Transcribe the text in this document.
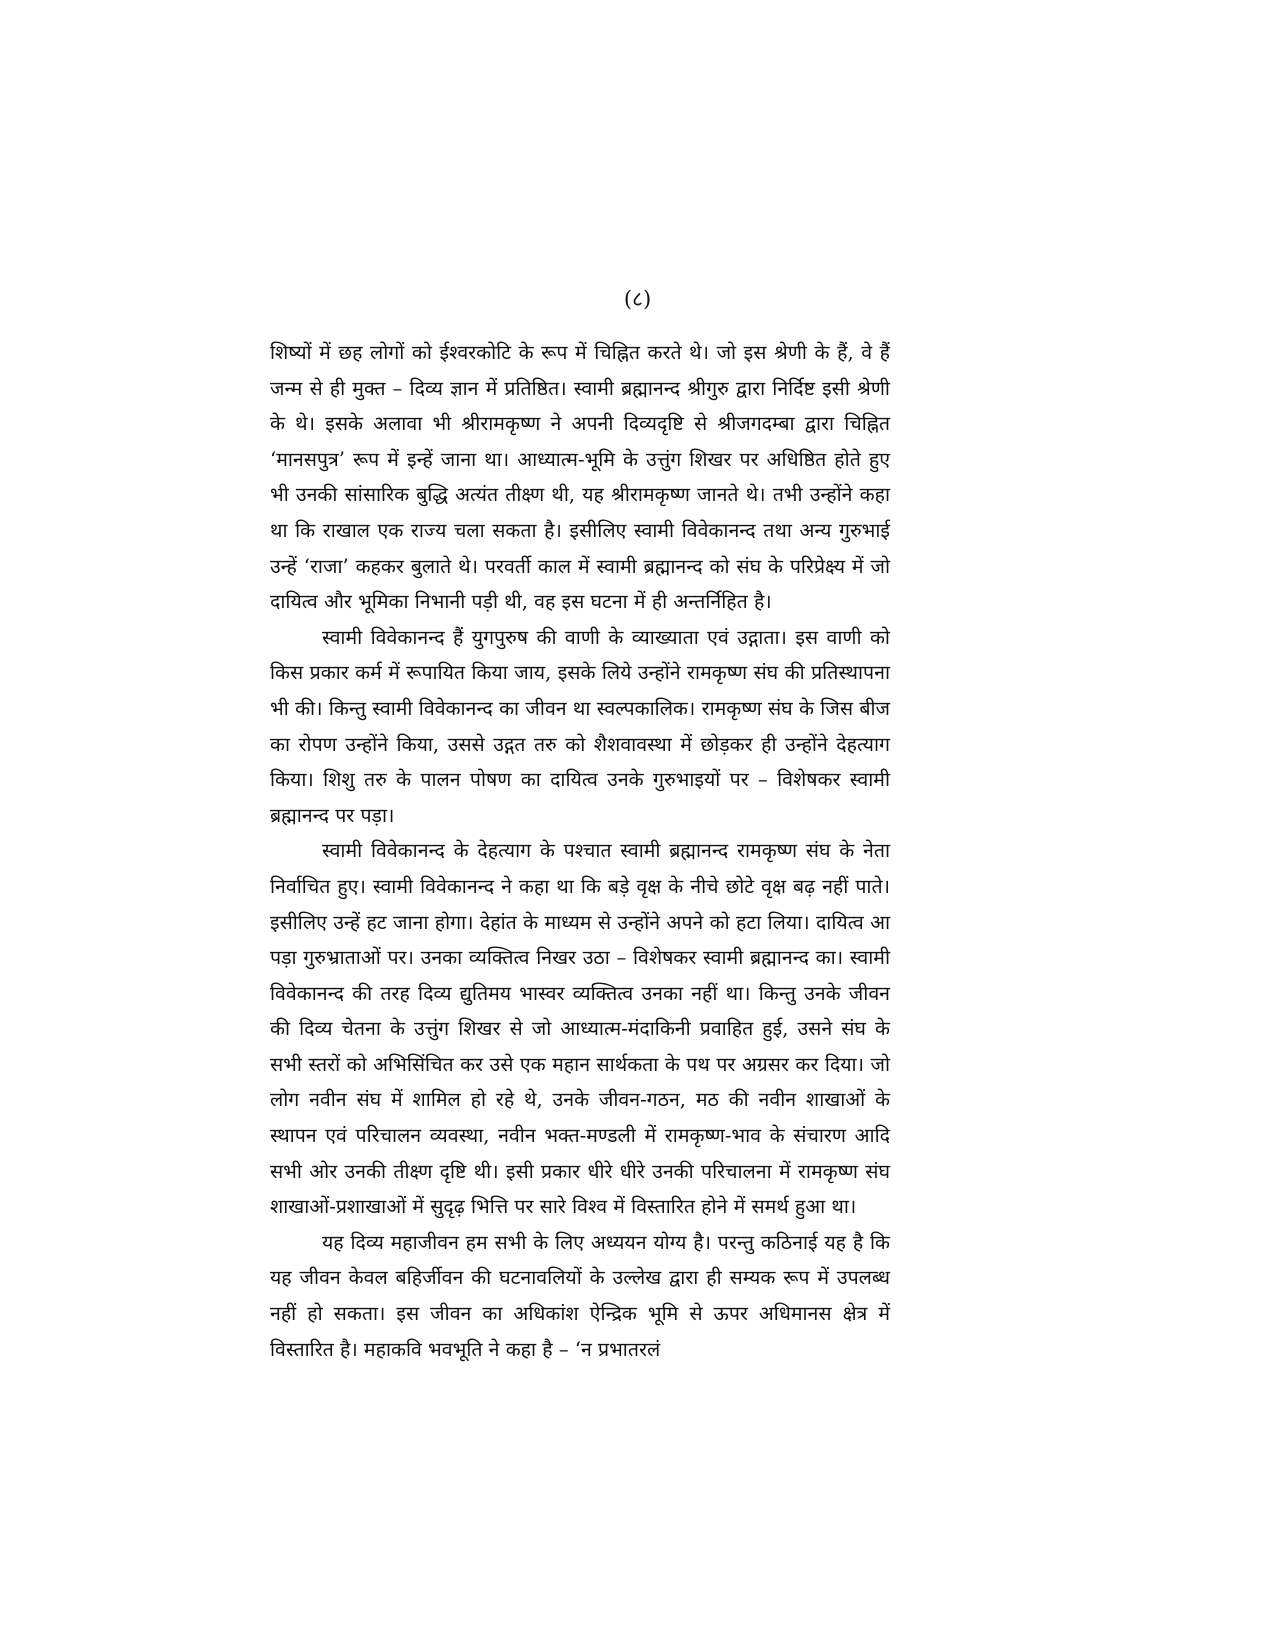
(८)

शिष्यों में छह लोगों को ईश्वरकोटि के रूप में चिह्नित करते थे। जो इस श्रेणी के हैं, वे हैं जन्म से ही मुक्त – दिव्य ज्ञान में प्रतिष्ठित। स्वामी ब्रह्मानन्द श्रीगुरु द्वारा निर्दिष्ट इसी श्रेणी के थे। इसके अलावा भी श्रीरामकृष्ण ने अपनी दिव्यदृष्टि से श्रीजगदम्बा द्वारा चिह्नित ‘मानसपुत्र’ रूप में इन्हें जाना था। आध्यात्म-भूमि के उत्तुंग शिखर पर अधिष्ठित होते हुए भी उनकी सांसारिक बुद्धि अत्यंत तीक्ष्ण थी, यह श्रीरामकृष्ण जानते थे। तभी उन्होंने कहा था कि राखाल एक राज्य चला सकता है। इसीलिए स्वामी विवेकानन्द तथा अन्य गुरुभाई उन्हें ‘राजा’ कहकर बुलाते थे। परवर्ती काल में स्वामी ब्रह्मानन्द को संघ के परिप्रेक्ष्य में जो दायित्व और भूमिका निभानी पड़ी थी, वह इस घटना में ही अन्तर्निहित है।

स्वामी विवेकानन्द हैं युगपुरुष की वाणी के व्याख्याता एवं उद्गाता। इस वाणी को किस प्रकार कर्म में रूपायित किया जाय, इसके लिये उन्होंने रामकृष्ण संघ की प्रतिस्थापना भी की। किन्तु स्वामी विवेकानन्द का जीवन था स्वल्पकालिक। रामकृष्ण संघ के जिस बीज का रोपण उन्होंने किया, उससे उद्गत तरु को शैशवावस्था में छोड़कर ही उन्होंने देहत्याग किया। शिशु तरु के पालन पोषण का दायित्व उनके गुरुभाइयों पर – विशेषकर स्वामी ब्रह्मानन्द पर पड़ा।

स्वामी विवेकानन्द के देहत्याग के पश्चात स्वामी ब्रह्मानन्द रामकृष्ण संघ के नेता निर्वाचित हुए। स्वामी विवेकानन्द ने कहा था कि बड़े वृक्ष के नीचे छोटे वृक्ष बढ़ नहीं पाते। इसीलिए उन्हें हट जाना होगा। देहांत के माध्यम से उन्होंने अपने को हटा लिया। दायित्व आ पड़ा गुरुभ्राताओं पर। उनका व्यक्तित्व निखर उठा – विशेषकर स्वामी ब्रह्मानन्द का। स्वामी विवेकानन्द की तरह दिव्य द्युतिमय भास्वर व्यक्तित्व उनका नहीं था। किन्तु उनके जीवन की दिव्य चेतना के उत्तुंग शिखर से जो आध्यात्म-मंदाकिनी प्रवाहित हुई, उसने संघ के सभी स्तरों को अभिसिंचित कर उसे एक महान सार्थकता के पथ पर अग्रसर कर दिया। जो लोग नवीन संघ में शामिल हो रहे थे, उनके जीवन-गठन, मठ की नवीन शाखाओं के स्थापन एवं परिचालन व्यवस्था, नवीन भक्त-मण्डली में रामकृष्ण-भाव के संचारण आदि सभी ओर उनकी तीक्ष्ण दृष्टि थी। इसी प्रकार धीरे धीरे उनकी परिचालना में रामकृष्ण संघ शाखाओं-प्रशाखाओं में सुदृढ़ भित्ति पर सारे विश्व में विस्तारित होने में समर्थ हुआ था।

यह दिव्य महाजीवन हम सभी के लिए अध्ययन योग्य है। परन्तु कठिनाई यह है कि यह जीवन केवल बहिर्जीवन की घटनावलियों के उल्लेख द्वारा ही सम्यक रूप में उपलब्ध नहीं हो सकता। इस जीवन का अधिकांश ऐन्द्रिक भूमि से ऊपर अधिमानस क्षेत्र में विस्तारित है। महाकवि भवभूति ने कहा है – ‘न प्रभातरलं
